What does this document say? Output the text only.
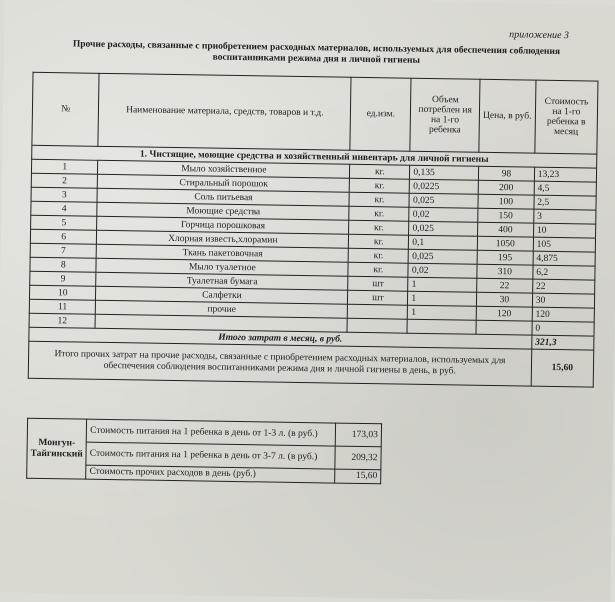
приложение 3
Прочие расходы, связанные с приобретением расходных материалов, используемых для обеспечения соблюдения воспитанниками режима дня и личной гигиены
№	Наименование материала, средств, товаров и т.д.	ед.изм.	Объем потреблен ия на 1-го ребенка	Цена, в руб.	Стоимость на 1-го ребенка в месяц
1. Чистящие, моющие средства и хозяйственный инвентарь для личной гигиены					
1	Мыло хозяйственное	кг.	0,135	98	13,23
2	Стиральный порошок	кг.	0,0225	200	4,5
3	Соль питьевая	кг.	0,025	100	2,5
4	Моющие средства	кг.	0,02	150	3
5	Горчица порошковая	кг.	0,025	400	10
6	Хлорная известь,хлорамин	кг.	0,1	1050	105
7	Ткань пакетовочная	кг.	0,025	195	4,875
8	Мыло туалетное	кг.	0,02	310	6,2
9	Туалетная бумага	шт	1	22	22
10	Салфетки	шт	1	30	30
11	прочие		1	120	120
12					0
Итого затрат в месяц, в руб.					321,3
Итого прочих затрат на прочие расходы, связанные с приобретением расходных материалов, используемых для обеспечения соблюдения воспитанниками режима дня и личной гигиены в день, в руб.					15,60
Монгун-Тайгинский	Стоимость питания на 1 ребенка в день от 1-3 л. (в руб.)	173,03
	Стоимость питания на 1 ребенка в день от 3-7 л. (в руб.)	209,32
	Стоимость прочих расходов в день (руб.)	15,60
